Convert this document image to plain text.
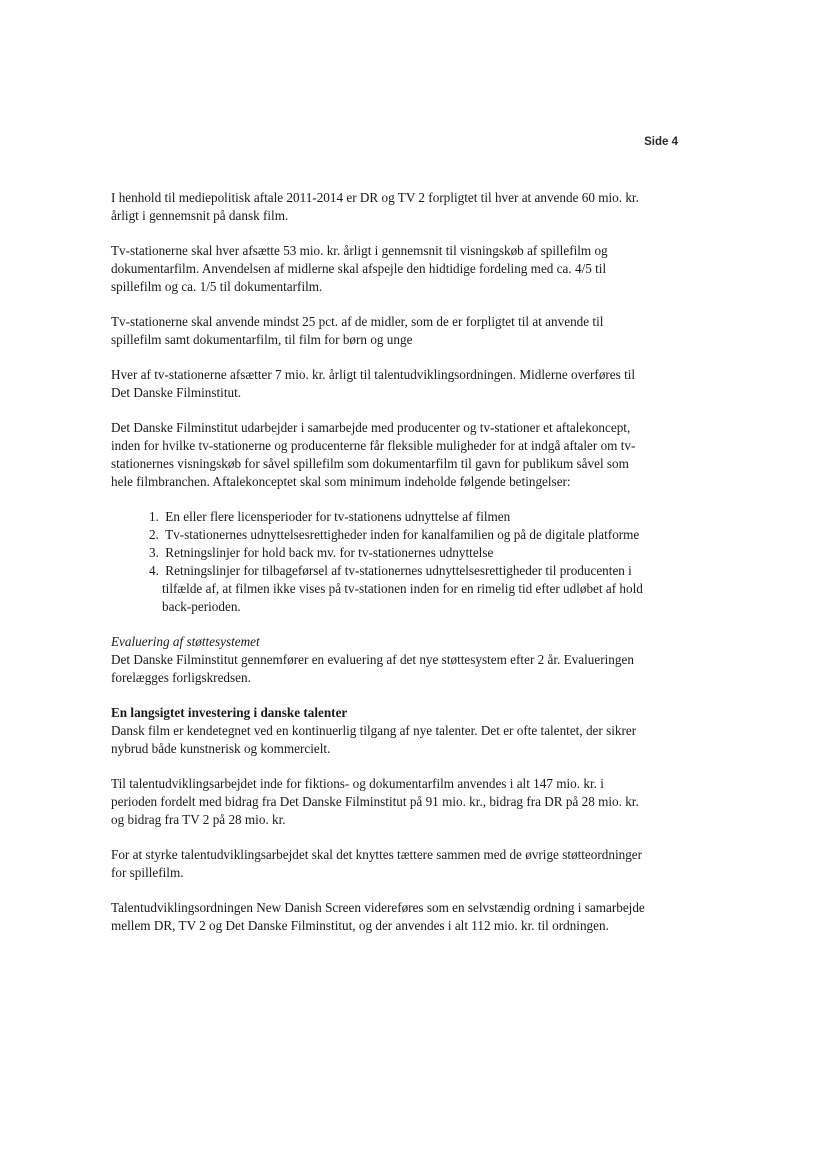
Side 4

I henhold til mediepolitisk aftale 2011-2014 er DR og TV 2 forpligtet til hver at anvende 60 mio. kr. årligt i gennemsnit på dansk film.

Tv-stationerne skal hver afsætte 53 mio. kr. årligt i gennemsnit til visningskøb af spillefilm og dokumentarfilm. Anvendelsen af midlerne skal afspejle den hidtidige fordeling med ca. 4/5 til spillefilm og ca. 1/5 til dokumentarfilm.

Tv-stationerne skal anvende mindst 25 pct. af de midler, som de er forpligtet til at anvende til spillefilm samt dokumentarfilm, til film for børn og unge

Hver af tv-stationerne afsætter 7 mio. kr. årligt til talentudviklingsordningen. Midlerne overføres til Det Danske Filminstitut.

Det Danske Filminstitut udarbejder i samarbejde med producenter og tv-stationer et aftalekoncept, inden for hvilke tv-stationerne og producenterne får fleksible muligheder for at indgå aftaler om tv-stationernes visningskøb for såvel spillefilm som dokumentarfilm til gavn for publikum såvel som hele filmbranchen. Aftalekonceptet skal som minimum indeholde følgende betingelser:

1. En eller flere licensperioder for tv-stationens udnyttelse af filmen
2. Tv-stationernes udnyttelsesrettigheder inden for kanalfamilien og på de digitale platforme
3. Retningslinjer for hold back mv. for tv-stationernes udnyttelse
4. Retningslinjer for tilbageførsel af tv-stationernes udnyttelsesrettigheder til producenten i tilfælde af, at filmen ikke vises på tv-stationen inden for en rimelig tid efter udløbet af hold back-perioden.
Evaluering af støttesystemet
Det Danske Filminstitut gennemfører en evaluering af det nye støttesystem efter 2 år. Evalueringen forelægges forligskredsen.
En langsigtet investering i danske talenter
Dansk film er kendetegnet ved en kontinuerlig tilgang af nye talenter. Det er ofte talentet, der sikrer nybrud både kunstnerisk og kommercielt.

Til talentudviklingsarbejdet inde for fiktions- og dokumentarfilm anvendes i alt 147 mio. kr. i perioden fordelt med bidrag fra Det Danske Filminstitut på 91 mio. kr., bidrag fra DR på 28 mio. kr. og bidrag fra TV 2 på 28 mio. kr.

For at styrke talentudviklingsarbejdet skal det knyttes tættere sammen med de øvrige støtteordninger for spillefilm.

Talentudviklingsordningen New Danish Screen videreføres som en selvstændig ordning i samarbejde mellem DR, TV 2 og Det Danske Filminstitut, og der anvendes i alt 112 mio. kr. til ordningen.
